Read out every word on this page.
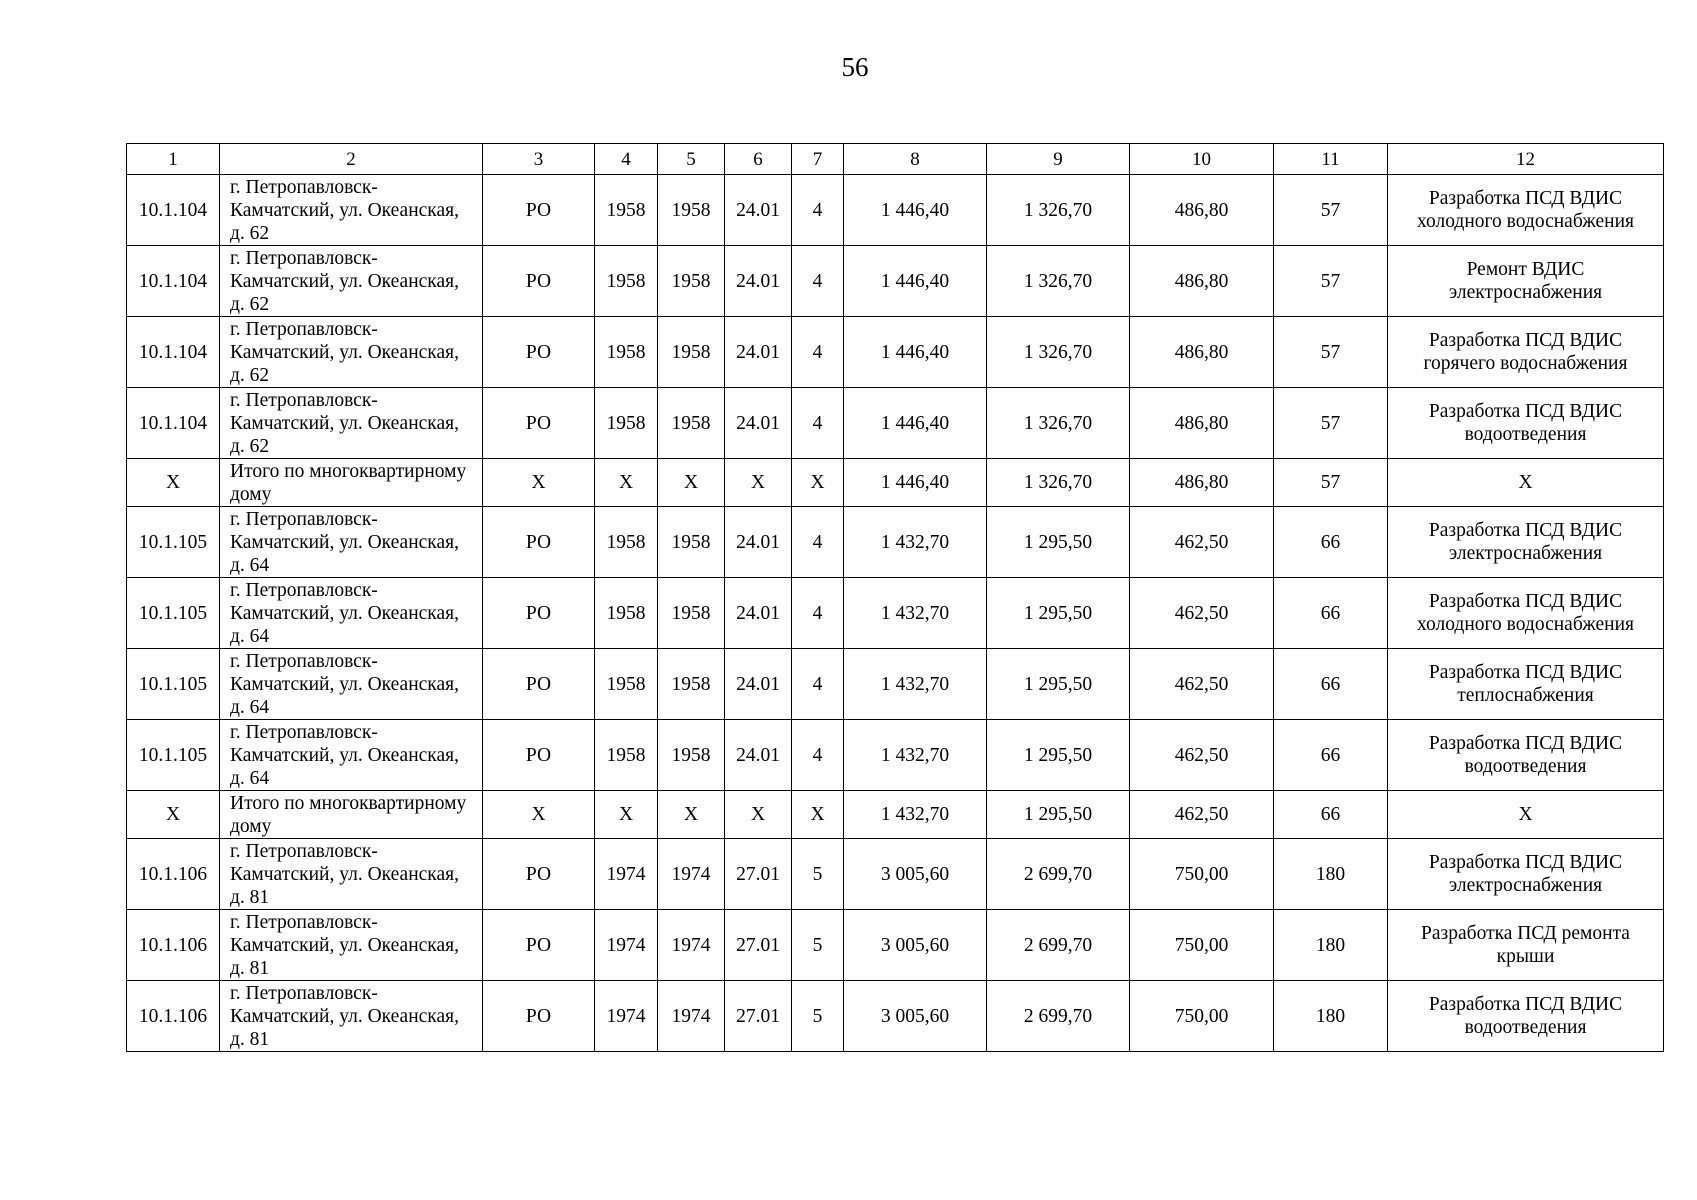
56
1	2	3	4	5	6	7	8	9	10	11	12
10.1.104	г. Петропавловск-Камчатский, ул. Океанская, д. 62	РО	1958	1958	24.01	4	1 446,40	1 326,70	486,80	57	Разработка ПСД ВДИС холодного водоснабжения
10.1.104	г. Петропавловск-Камчатский, ул. Океанская, д. 62	РО	1958	1958	24.01	4	1 446,40	1 326,70	486,80	57	Ремонт ВДИС электроснабжения
10.1.104	г. Петропавловск-Камчатский, ул. Океанская, д. 62	РО	1958	1958	24.01	4	1 446,40	1 326,70	486,80	57	Разработка ПСД ВДИС горячего водоснабжения
10.1.104	г. Петропавловск-Камчатский, ул. Океанская, д. 62	РО	1958	1958	24.01	4	1 446,40	1 326,70	486,80	57	Разработка ПСД ВДИС водоотведения
Х	Итого по многоквартирному дому	Х	Х	Х	Х	Х	1 446,40	1 326,70	486,80	57	Х
10.1.105	г. Петропавловск-Камчатский, ул. Океанская, д. 64	РО	1958	1958	24.01	4	1 432,70	1 295,50	462,50	66	Разработка ПСД ВДИС электроснабжения
10.1.105	г. Петропавловск-Камчатский, ул. Океанская, д. 64	РО	1958	1958	24.01	4	1 432,70	1 295,50	462,50	66	Разработка ПСД ВДИС холодного водоснабжения
10.1.105	г. Петропавловск-Камчатский, ул. Океанская, д. 64	РО	1958	1958	24.01	4	1 432,70	1 295,50	462,50	66	Разработка ПСД ВДИС теплоснабжения
10.1.105	г. Петропавловск-Камчатский, ул. Океанская, д. 64	РО	1958	1958	24.01	4	1 432,70	1 295,50	462,50	66	Разработка ПСД ВДИС водоотведения
Х	Итого по многоквартирному дому	Х	Х	Х	Х	Х	1 432,70	1 295,50	462,50	66	Х
10.1.106	г. Петропавловск-Камчатский, ул. Океанская, д. 81	РО	1974	1974	27.01	5	3 005,60	2 699,70	750,00	180	Разработка ПСД ВДИС электроснабжения
10.1.106	г. Петропавловск-Камчатский, ул. Океанская, д. 81	РО	1974	1974	27.01	5	3 005,60	2 699,70	750,00	180	Разработка ПСД ремонта крыши
10.1.106	г. Петропавловск-Камчатский, ул. Океанская, д. 81	РО	1974	1974	27.01	5	3 005,60	2 699,70	750,00	180	Разработка ПСД ВДИС водоотведения
